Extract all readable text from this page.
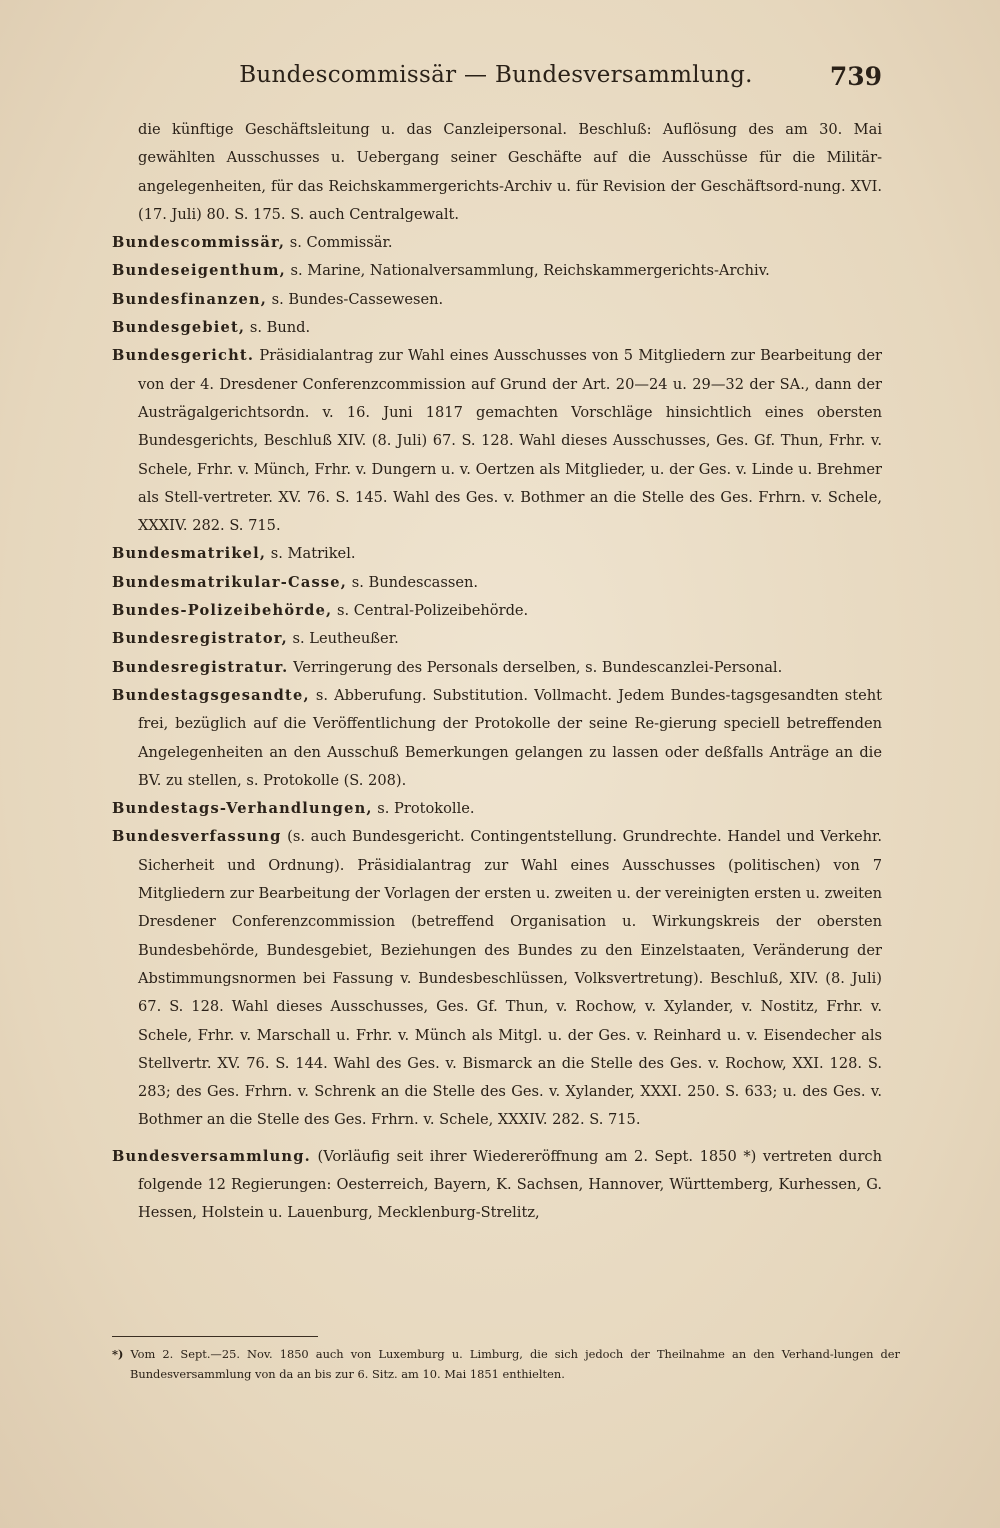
Bundescommissär — Bundesversammlung.	739
die künftige Geschäftsleitung u. das Canzleipersonal. Beschluß: Auflösung des am 30. Mai gewählten Ausschusses u. Uebergang seiner Geschäfte auf die Ausschüsse für die Militär-angelegenheiten, für das Reichskammergerichts-Archiv u. für Revision der Geschäftsord-nung. XVI. (17. Juli) 80. S. 175. S. auch Centralgewalt.
Bundescommissär, s. Commissär.
Bundeseigenthum, s. Marine, Nationalversammlung, Reichskammergerichts-Archiv.
Bundesfinanzen, s. Bundes-Cassewesen.
Bundesgebiet, s. Bund.
Bundesgericht. Präsidialantrag zur Wahl eines Ausschusses von 5 Mitgliedern zur Bearbeitung der von der 4. Dresdener Conferenzcommission auf Grund der Art. 20—24 u. 29—32 der SA., dann der Austrägalgerichtsordn. v. 16. Juni 1817 gemachten Vorschläge hinsichtlich eines obersten Bundesgerichts, Beschluß XIV. (8. Juli) 67. S. 128. Wahl dieses Ausschusses, Ges. Gf. Thun, Frhr. v. Schele, Frhr. v. Münch, Frhr. v. Dungern u. v. Oertzen als Mitglieder, u. der Ges. v. Linde u. Brehmer als Stell-vertreter. XV. 76. S. 145. Wahl des Ges. v. Bothmer an die Stelle des Ges. Frhrn. v. Schele, XXXIV. 282. S. 715.
Bundesmatrikel, s. Matrikel.
Bundesmatrikular-Casse, s. Bundescassen.
Bundes-Polizeibehörde, s. Central-Polizeibehörde.
Bundesregistrator, s. Leutheußer.
Bundesregistratur. Verringerung des Personals derselben, s. Bundescanzlei-Personal.
Bundestagsgesandte, s. Abberufung. Substitution. Vollmacht. Jedem Bundes-tagsgesandten steht frei, bezüglich auf die Veröffentlichung der Protokolle der seine Re-gierung speciell betreffenden Angelegenheiten an den Ausschuß Bemerkungen gelangen zu lassen oder deßfalls Anträge an die BV. zu stellen, s. Protokolle (S. 208).
Bundestags-Verhandlungen, s. Protokolle.
Bundesverfassung (s. auch Bundesgericht. Contingentstellung. Grundrechte. Handel und Verkehr. Sicherheit und Ordnung). Präsidialantrag zur Wahl eines Ausschusses (politischen) von 7 Mitgliedern zur Bearbeitung der Vorlagen der ersten u. zweiten u. der vereinigten ersten u. zweiten Dresdener Conferenzcommission (betreffend Organisation u. Wirkungskreis der obersten Bundesbehörde, Bundesgebiet, Beziehungen des Bundes zu den Einzelstaaten, Veränderung der Abstimmungsnormen bei Fassung v. Bundesbeschlüssen, Volksvertretung). Beschluß, XIV. (8. Juli) 67. S. 128. Wahl dieses Ausschusses, Ges. Gf. Thun, v. Rochow, v. Xylander, v. Nostitz, Frhr. v. Schele, Frhr. v. Marschall u. Frhr. v. Münch als Mitgl. u. der Ges. v. Reinhard u. v. Eisendecher als Stellvertr. XV. 76. S. 144. Wahl des Ges. v. Bismarck an die Stelle des Ges. v. Rochow, XXI. 128. S. 283; des Ges. Frhrn. v. Schrenk an die Stelle des Ges. v. Xylander, XXXI. 250. S. 633; u. des Ges. v. Bothmer an die Stelle des Ges. Frhrn. v. Schele, XXXIV. 282. S. 715.
Bundesversammlung. (Vorläufig seit ihrer Wiedereröffnung am 2. Sept. 1850 *) vertreten durch folgende 12 Regierungen: Oesterreich, Bayern, K. Sachsen, Hannover, Württemberg, Kurhessen, G. Hessen, Holstein u. Lauenburg, Mecklenburg-Strelitz,
*) Vom 2. Sept.—25. Nov. 1850 auch von Luxemburg u. Limburg, die sich jedoch der Theilnahme an den Verhand-lungen der Bundesversammlung von da an bis zur 6. Sitz. am 10. Mai 1851 enthielten.
